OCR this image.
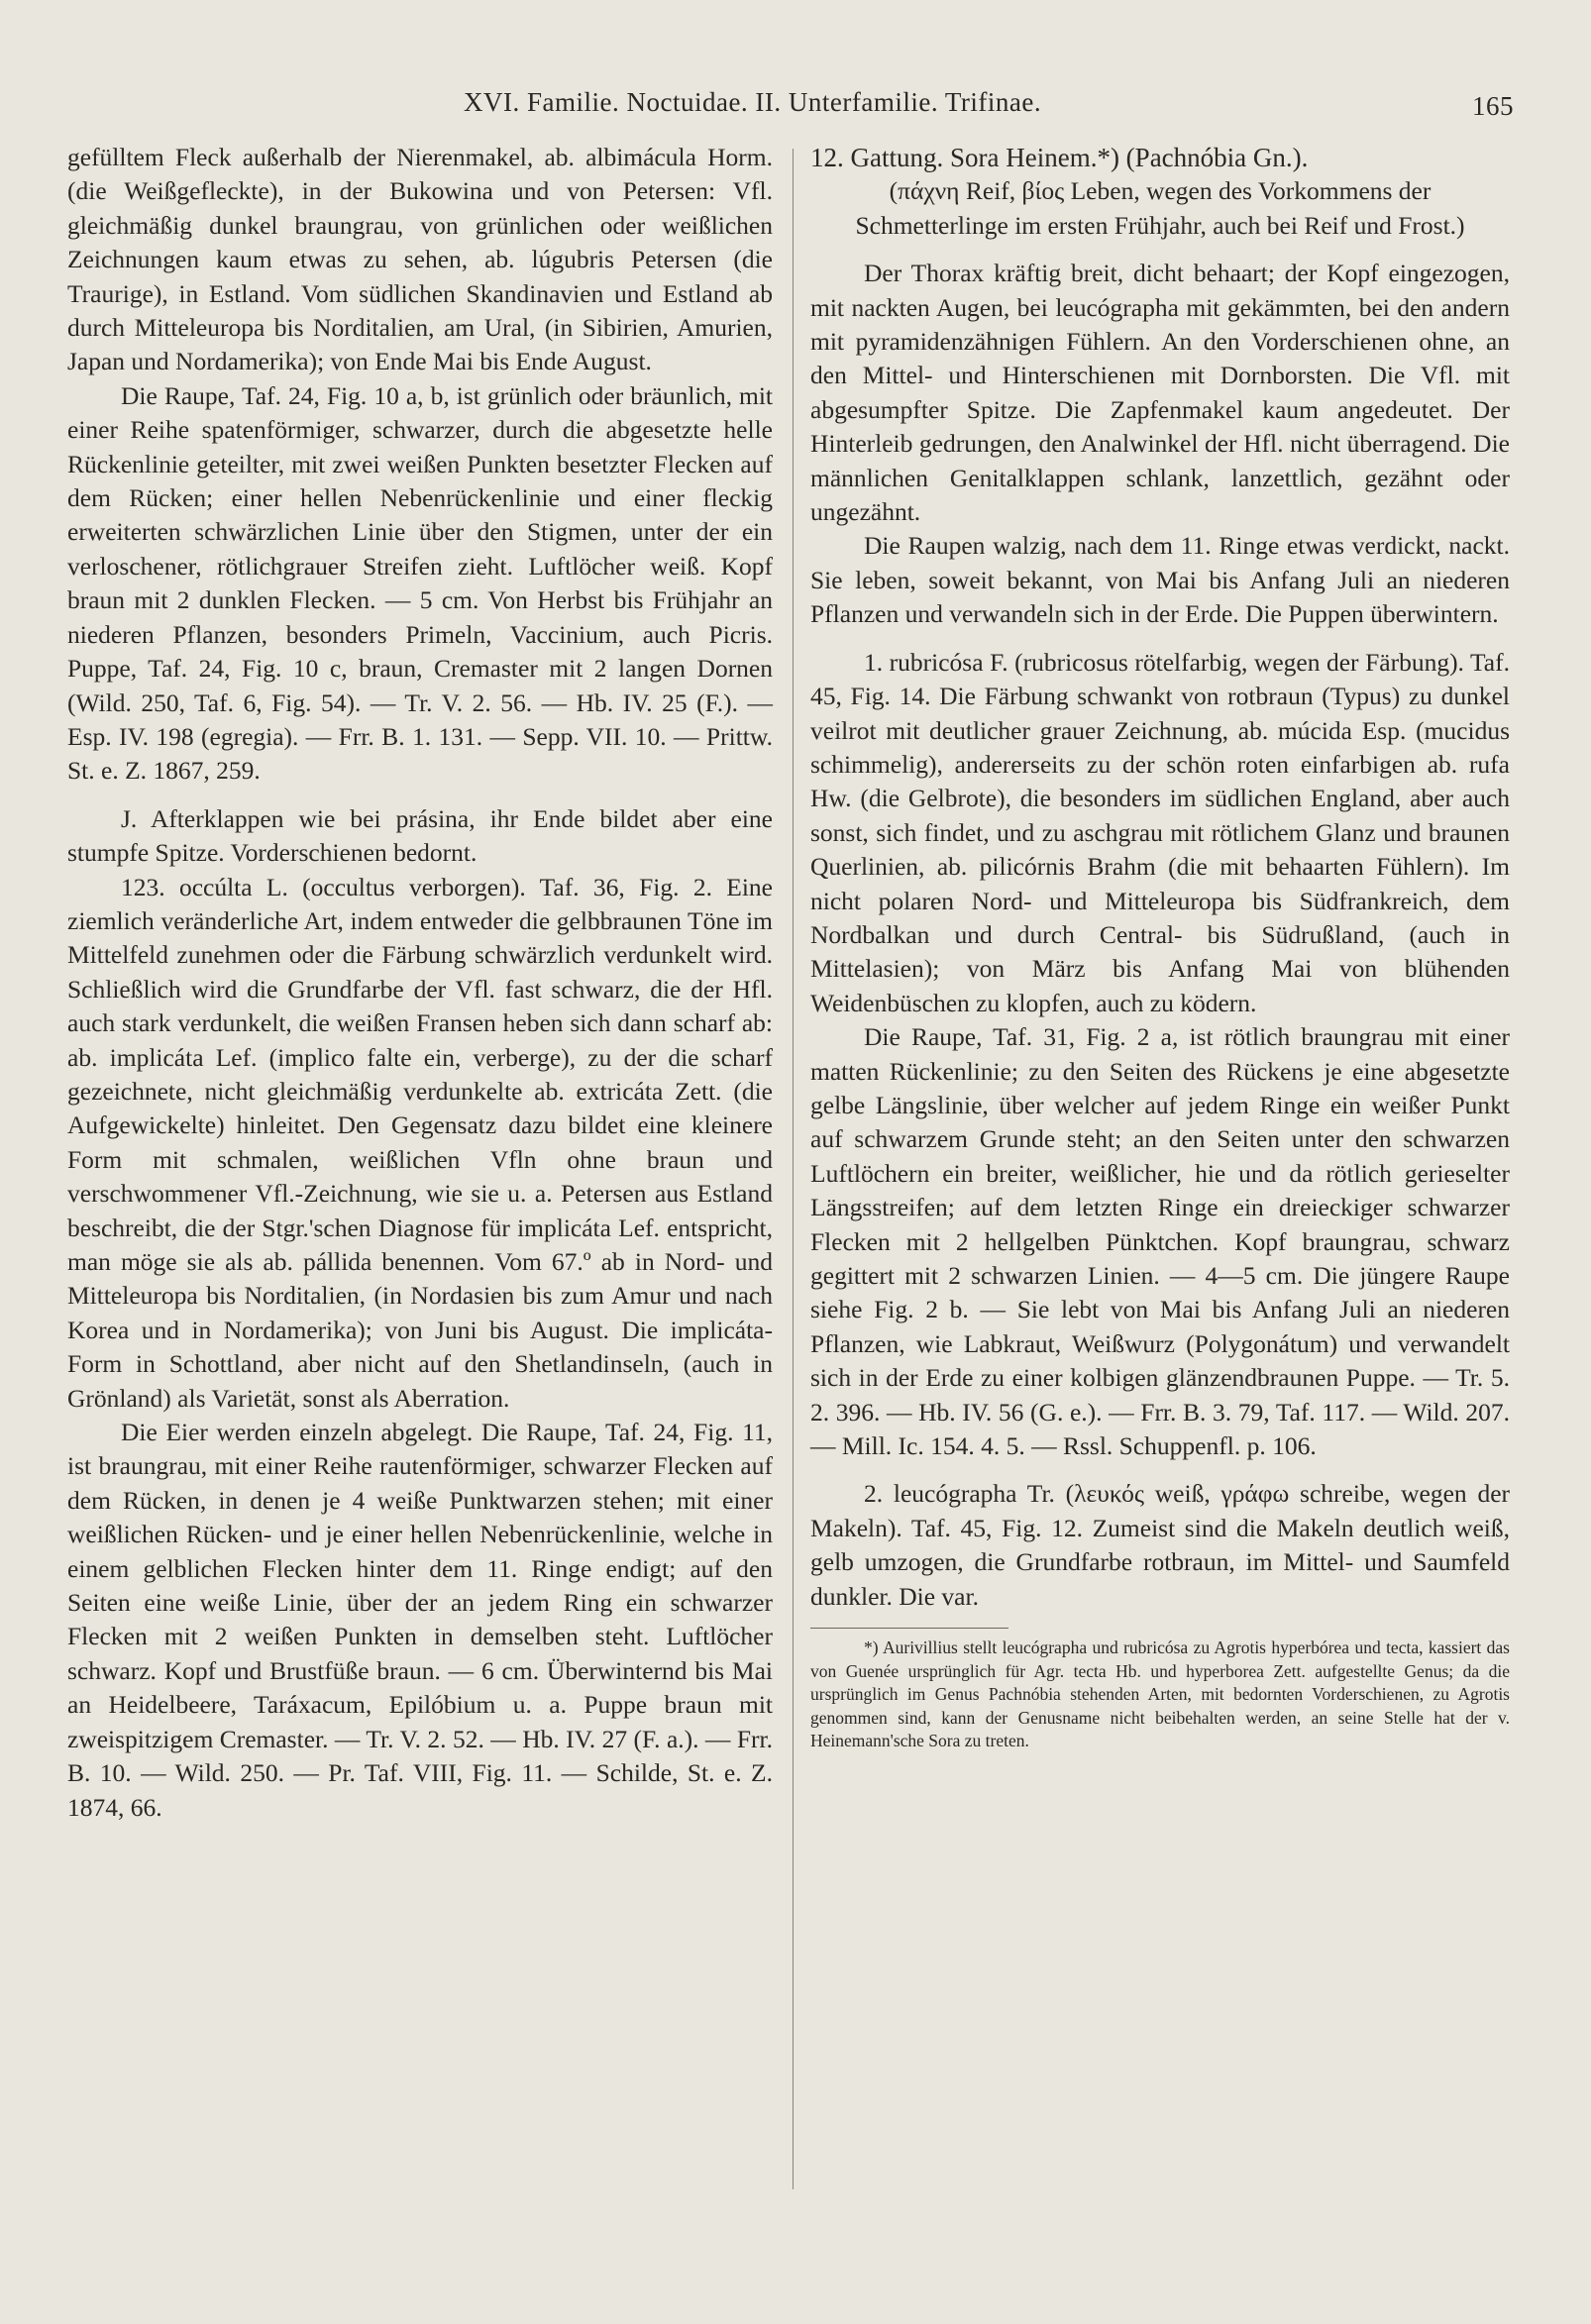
XVI. Familie. Noctuidae. II. Unterfamilie. Trifinae.	165

gefülltem Fleck außerhalb der Nierenmakel, ab. albimácula Horm. (die Weißgefleckte), in der Bukowina und von Petersen: Vfl. gleichmäßig dunkel braungrau, von grünlichen oder weißlichen Zeichnungen kaum etwas zu sehen, ab. lúgubris Petersen (die Traurige), in Estland. Vom südlichen Skandinavien und Estland ab durch Mitteleuropa bis Norditalien, am Ural, (in Sibirien, Amurien, Japan und Nordamerika); von Ende Mai bis Ende August.

Die Raupe, Taf. 24, Fig. 10 a, b, ist grünlich oder bräunlich, mit einer Reihe spatenförmiger, schwarzer, durch die abgesetzte helle Rückenlinie geteilter, mit zwei weißen Punkten besetzter Flecken auf dem Rücken; einer hellen Nebenrückenlinie und einer fleckig erweiterten schwärzlichen Linie über den Stigmen, unter der ein verloschener, rötlichgrauer Streifen zieht. Luftlöcher weiß. Kopf braun mit 2 dunklen Flecken. — 5 cm. Von Herbst bis Frühjahr an niederen Pflanzen, besonders Primeln, Vaccinium, auch Picris. Puppe, Taf. 24, Fig. 10 c, braun, Cremaster mit 2 langen Dornen (Wild. 250, Taf. 6, Fig. 54). — Tr. V. 2. 56. — Hb. IV. 25 (F.). — Esp. IV. 198 (egregia). — Frr. B. 1. 131. — Sepp. VII. 10. — Prittw. St. e. Z. 1867, 259.

J. Afterklappen wie bei prásina, ihr Ende bildet aber eine stumpfe Spitze. Vorderschienen bedornt.

123. occúlta L. (occultus verborgen). Taf. 36, Fig. 2. Eine ziemlich veränderliche Art, indem entweder die gelbbraunen Töne im Mittelfeld zunehmen oder die Färbung schwärzlich verdunkelt wird. Schließlich wird die Grundfarbe der Vfl. fast schwarz, die der Hfl. auch stark verdunkelt, die weißen Fransen heben sich dann scharf ab: ab. implicáta Lef. (implico falte ein, verberge), zu der die scharf gezeichnete, nicht gleichmäßig verdunkelte ab. extricáta Zett. (die Aufgewickelte) hinleitet. Den Gegensatz dazu bildet eine kleinere Form mit schmalen, weißlichen Vfln ohne braun und verschwommener Vfl.-Zeichnung, wie sie u. a. Petersen aus Estland beschreibt, die der Stgr.'schen Diagnose für implicáta Lef. entspricht, man möge sie als ab. pállida benennen. Vom 67.º ab in Nord- und Mitteleuropa bis Norditalien, (in Nordasien bis zum Amur und nach Korea und in Nordamerika); von Juni bis August. Die implicáta-Form in Schottland, aber nicht auf den Shetlandinseln, (auch in Grönland) als Varietät, sonst als Aberration.

Die Eier werden einzeln abgelegt. Die Raupe, Taf. 24, Fig. 11, ist braungrau, mit einer Reihe rautenförmiger, schwarzer Flecken auf dem Rücken, in denen je 4 weiße Punktwarzen stehen; mit einer weißlichen Rücken- und je einer hellen Nebenrückenlinie, welche in einem gelblichen Flecken hinter dem 11. Ringe endigt; auf den Seiten eine weiße Linie, über der an jedem Ring ein schwarzer Flecken mit 2 weißen Punkten in demselben steht. Luftlöcher schwarz. Kopf und Brustfüße braun. — 6 cm. Überwinternd bis Mai an Heidelbeere, Taráxacum, Epilóbium u. a. Puppe braun mit zweispitzigem Cremaster. — Tr. V. 2. 52. — Hb. IV. 27 (F. a.). — Frr. B. 10. — Wild. 250. — Pr. Taf. VIII, Fig. 11. — Schilde, St. e. Z. 1874, 66.

12. Gattung. Sora Heinem.*) (Pachnóbia Gn.).

(πάχνη Reif, βίος Leben, wegen des Vorkommens der Schmetterlinge im ersten Frühjahr, auch bei Reif und Frost.)

Der Thorax kräftig breit, dicht behaart; der Kopf eingezogen, mit nackten Augen, bei leucógrapha mit gekämmten, bei den andern mit pyramidenzähnigen Fühlern. An den Vorderschienen ohne, an den Mittel- und Hinterschienen mit Dornborsten. Die Vfl. mit abgesumpfter Spitze. Die Zapfenmakel kaum angedeutet. Der Hinterleib gedrungen, den Analwinkel der Hfl. nicht überragend. Die männlichen Genitalklappen schlank, lanzettlich, gezähnt oder ungezähnt.

Die Raupen walzig, nach dem 11. Ringe etwas verdickt, nackt. Sie leben, soweit bekannt, von Mai bis Anfang Juli an niederen Pflanzen und verwandeln sich in der Erde. Die Puppen überwintern.

1. rubricósa F. (rubricosus rötelfarbig, wegen der Färbung). Taf. 45, Fig. 14. Die Färbung schwankt von rotbraun (Typus) zu dunkel veilrot mit deutlicher grauer Zeichnung, ab. múcida Esp. (mucidus schimmelig), andererseits zu der schön roten einfarbigen ab. rufa Hw. (die Gelbrote), die besonders im südlichen England, aber auch sonst, sich findet, und zu aschgrau mit rötlichem Glanz und braunen Querlinien, ab. pilicórnis Brahm (die mit behaarten Fühlern). Im nicht polaren Nord- und Mitteleuropa bis Südfrankreich, dem Nordbalkan und durch Central- bis Südrußland, (auch in Mittelasien); von März bis Anfang Mai von blühenden Weidenbüschen zu klopfen, auch zu ködern.

Die Raupe, Taf. 31, Fig. 2 a, ist rötlich braungrau mit einer matten Rückenlinie; zu den Seiten des Rückens je eine abgesetzte gelbe Längslinie, über welcher auf jedem Ringe ein weißer Punkt auf schwarzem Grunde steht; an den Seiten unter den schwarzen Luftlöchern ein breiter, weißlicher, hie und da rötlich gerieselter Längsstreifen; auf dem letzten Ringe ein dreieckiger schwarzer Flecken mit 2 hellgelben Pünktchen. Kopf braungrau, schwarz gegittert mit 2 schwarzen Linien. — 4—5 cm. Die jüngere Raupe siehe Fig. 2 b. — Sie lebt von Mai bis Anfang Juli an niederen Pflanzen, wie Labkraut, Weißwurz (Polygonátum) und verwandelt sich in der Erde zu einer kolbigen glänzendbraunen Puppe. — Tr. 5. 2. 396. — Hb. IV. 56 (G. e.). — Frr. B. 3. 79, Taf. 117. — Wild. 207. — Mill. Ic. 154. 4. 5. — Rssl. Schuppenfl. p. 106.

2. leucógrapha Tr. (λευκός weiß, γράφω schreibe, wegen der Makeln). Taf. 45, Fig. 12. Zumeist sind die Makeln deutlich weiß, gelb umzogen, die Grundfarbe rotbraun, im Mittel- und Saumfeld dunkler. Die var.

*) Aurivillius stellt leucógrapha und rubricósa zu Agrotis hyperbórea und tecta, kassiert das von Guenée ursprünglich für Agr. tecta Hb. und hyperborea Zett. aufgestellte Genus; da die ursprünglich im Genus Pachnóbia stehenden Arten, mit bedornten Vorderschienen, zu Agrotis genommen sind, kann der Genusname nicht beibehalten werden, an seine Stelle hat der v. Heinemann'sche Sora zu treten.
